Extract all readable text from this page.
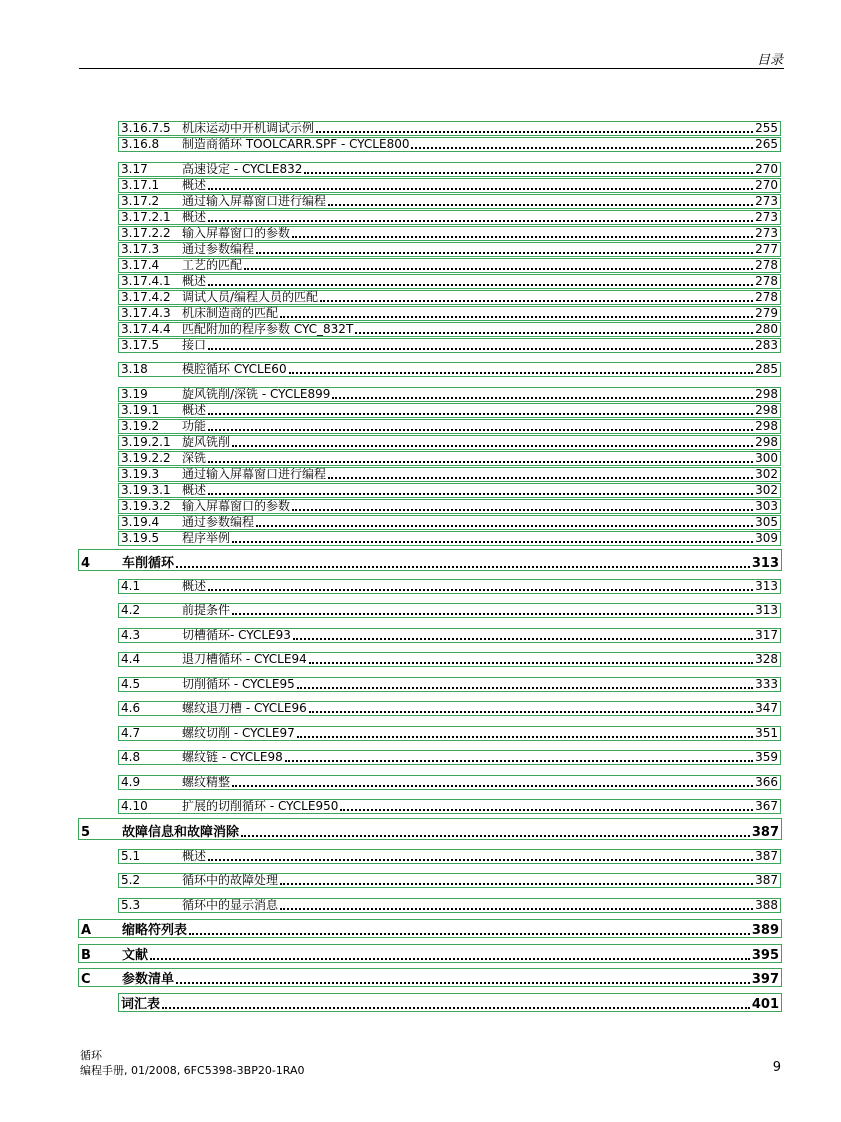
目录
3.16.7.5 机床运动中开机调试示例	255
3.16.8	制造商循环 TOOLCARR.SPF - CYCLE800	265
3.17	高速设定 - CYCLE832	270
3.17.1	概述	270
3.17.2	通过输入屏幕窗口进行编程	273
3.17.2.1 概述	273
3.17.2.2 输入屏幕窗口的参数	273
3.17.3	通过参数编程	277
3.17.4	工艺的匹配	278
3.17.4.1 概述	278
3.17.4.2 调试人员/编程人员的匹配	278
3.17.4.3 机床制造商的匹配	279
3.17.4.4 匹配附加的程序参数 CYC_832T	280
3.17.5	接口	283
3.18	模腔循环 CYCLE60	285
3.19	旋风铣削/深铣 - CYCLE899	298
3.19.1	概述	298
3.19.2	功能	298
3.19.2.1 旋风铣削	298
3.19.2.2 深铣	300
3.19.3	通过输入屏幕窗口进行编程	302
3.19.3.1 概述	302
3.19.3.2 输入屏幕窗口的参数	303
3.19.4	通过参数编程	305
3.19.5	程序举例	309
4	车削循环	313
4.1	概述	313
4.2	前提条件	313
4.3	切槽循环- CYCLE93	317
4.4	退刀槽循环 - CYCLE94	328
4.5	切削循环 - CYCLE95	333
4.6	螺纹退刀槽 - CYCLE96	347
4.7	螺纹切削 - CYCLE97	351
4.8	螺纹链 - CYCLE98	359
4.9	螺纹精整	366
4.10	扩展的切削循环 - CYCLE950	367
5	故障信息和故障消除	387
5.1	概述	387
5.2	循环中的故障处理	387
5.3	循环中的显示消息	388
A	缩略符列表	389
B	文献	395
C	参数清单	397
词汇表	401
循环
编程手册, 01/2008, 6FC5398-3BP20-1RA0	9
